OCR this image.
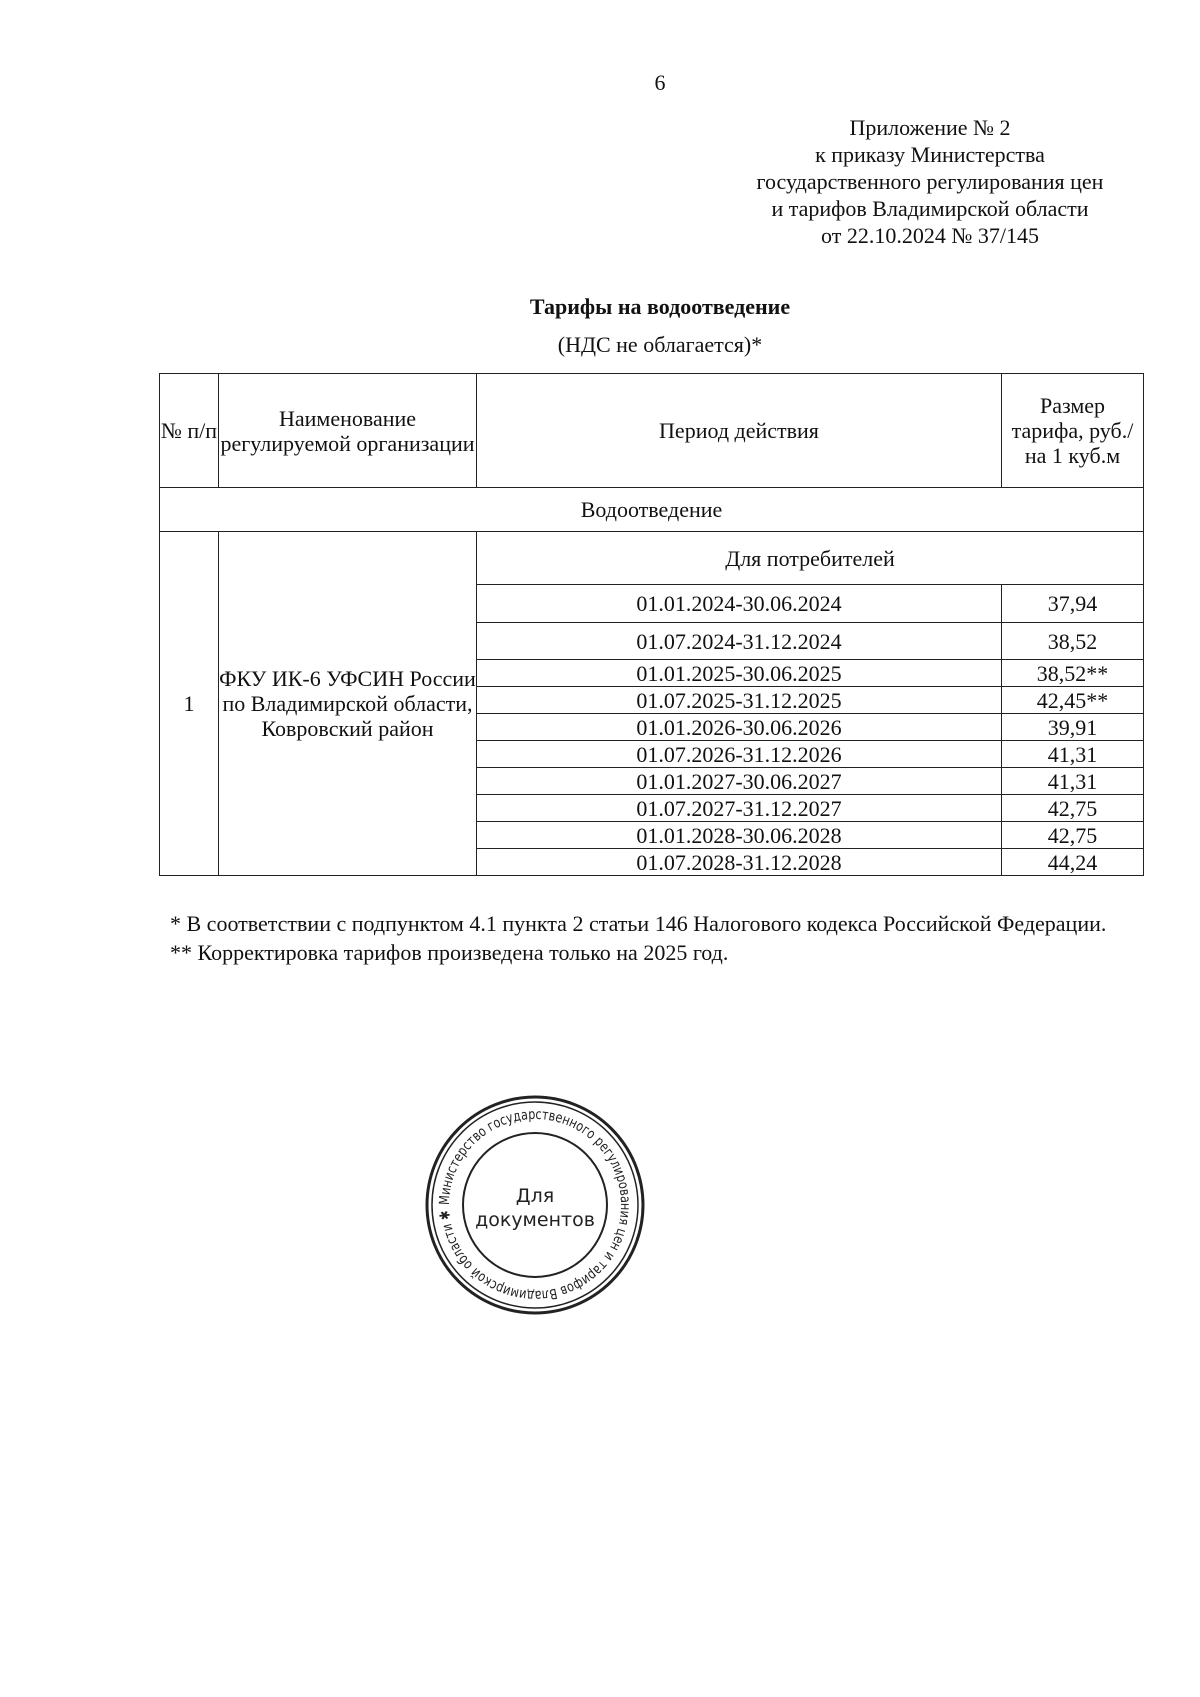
6
Приложение № 2
к приказу Министерства
государственного регулирования цен
и тарифов Владимирской области
от 22.10.2024 № 37/145
Тарифы на водоотведение
(НДС не облагается)*
№ п/п	Наименование регулируемой организации	Период действия	Размер тарифа, руб./на 1 куб.м
Водоотведение			
1	ФКУ ИК-6 УФСИН России по Владимирской области, Ковровский район	Для потребителей	
		01.01.2024-30.06.2024	37,94
		01.07.2024-31.12.2024	38,52
		01.01.2025-30.06.2025	38,52**
		01.07.2025-31.12.2025	42,45**
		01.01.2026-30.06.2026	39,91
		01.07.2026-31.12.2026	41,31
		01.01.2027-30.06.2027	41,31
		01.07.2027-31.12.2027	42,75
		01.01.2028-30.06.2028	42,75
		01.07.2028-31.12.2028	44,24

* В соответствии с подпунктом 4.1 пункта 2 статьи 146 Налогового кодекса Российской Федерации.

** Корректировка тарифов произведена только на 2025 год.

Министерство государственного регулирования цен и тарифов Владимирской области ✱
Для
документов
